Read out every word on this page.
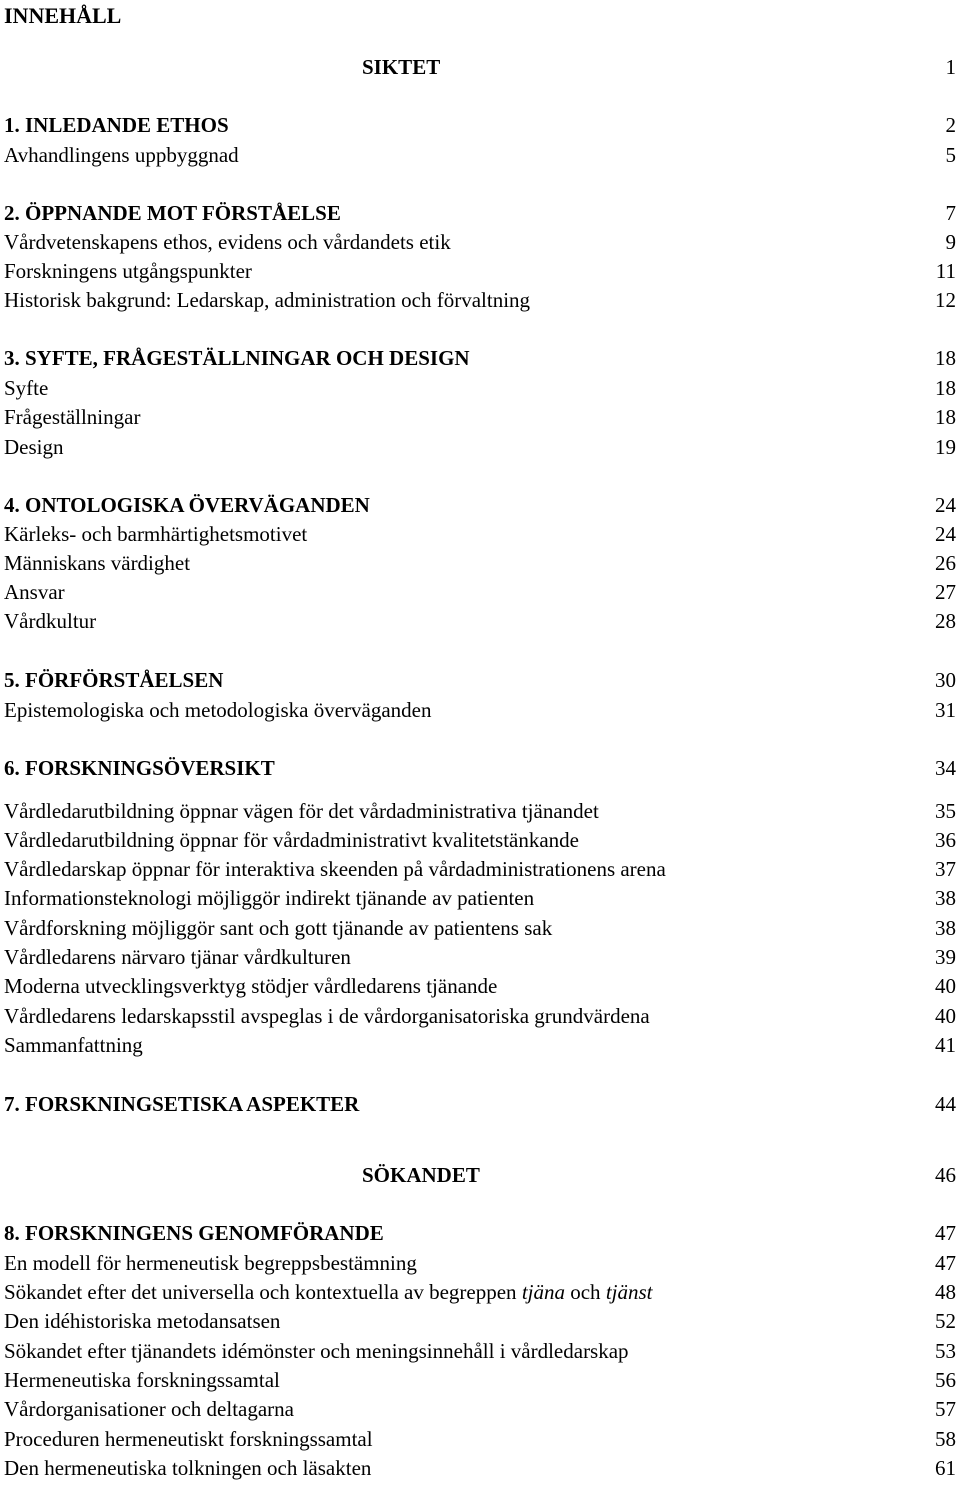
INNEHÅLL
SIKTET	1
1. INLEDANDE ETHOS	2
Avhandlingens uppbyggnad	5
2. ÖPPNANDE MOT FÖRSTÅELSE	7
Vårdvetenskapens ethos, evidens och vårdandets etik	9
Forskningens utgångspunkter	11
Historisk bakgrund: Ledarskap, administration och förvaltning	12
3. SYFTE, FRÅGESTÄLLNINGAR OCH DESIGN	18
Syfte	18
Frågeställningar	18
Design	19
4. ONTOLOGISKA ÖVERVÄGANDEN	24
Kärleks- och barmhärtighetsmotivet	24
Människans värdighet	26
Ansvar	27
Vårdkultur	28
5. FÖRFÖRSTÅELSEN	30
Epistemologiska och metodologiska överväganden	31
6. FORSKNINGSÖVERSIKT	34
Vårdledarutbildning öppnar vägen för det vårdadministrativa tjänandet	35
Vårdledarutbildning öppnar för vårdadministrativt kvalitetstänkande	36
Vårdledarskap öppnar för interaktiva skeenden på vårdadministrationens arena	37
Informationsteknologi möjliggör indirekt tjänande av patienten	38
Vårdforskning möjliggör sant och gott tjänande av patientens sak	38
Vårdledarens närvaro tjänar vårdkulturen	39
Moderna utvecklingsverktyg stödjer vårdledarens tjänande	40
Vårdledarens ledarskapsstil avspeglas i de vårdorganisatoriska grundvärdena	40
Sammanfattning	41
7. FORSKNINGSETISKA ASPEKTER	44
SÖKANDET	46
8. FORSKNINGENS GENOMFÖRANDE	47
En modell för hermeneutisk begreppsbestämning	47
Sökandet efter det universella och kontextuella av begreppen tjäna och tjänst	48
Den idéhistoriska metodansatsen	52
Sökandet efter tjänandets idémönster och meningsinnehåll i vårdledarskap	53
Hermeneutiska forskningssamtal	56
Vårdorganisationer och deltagarna	57
Proceduren hermeneutiskt forskningssamtal	58
Den hermeneutiska tolkningen och läsakten	61
